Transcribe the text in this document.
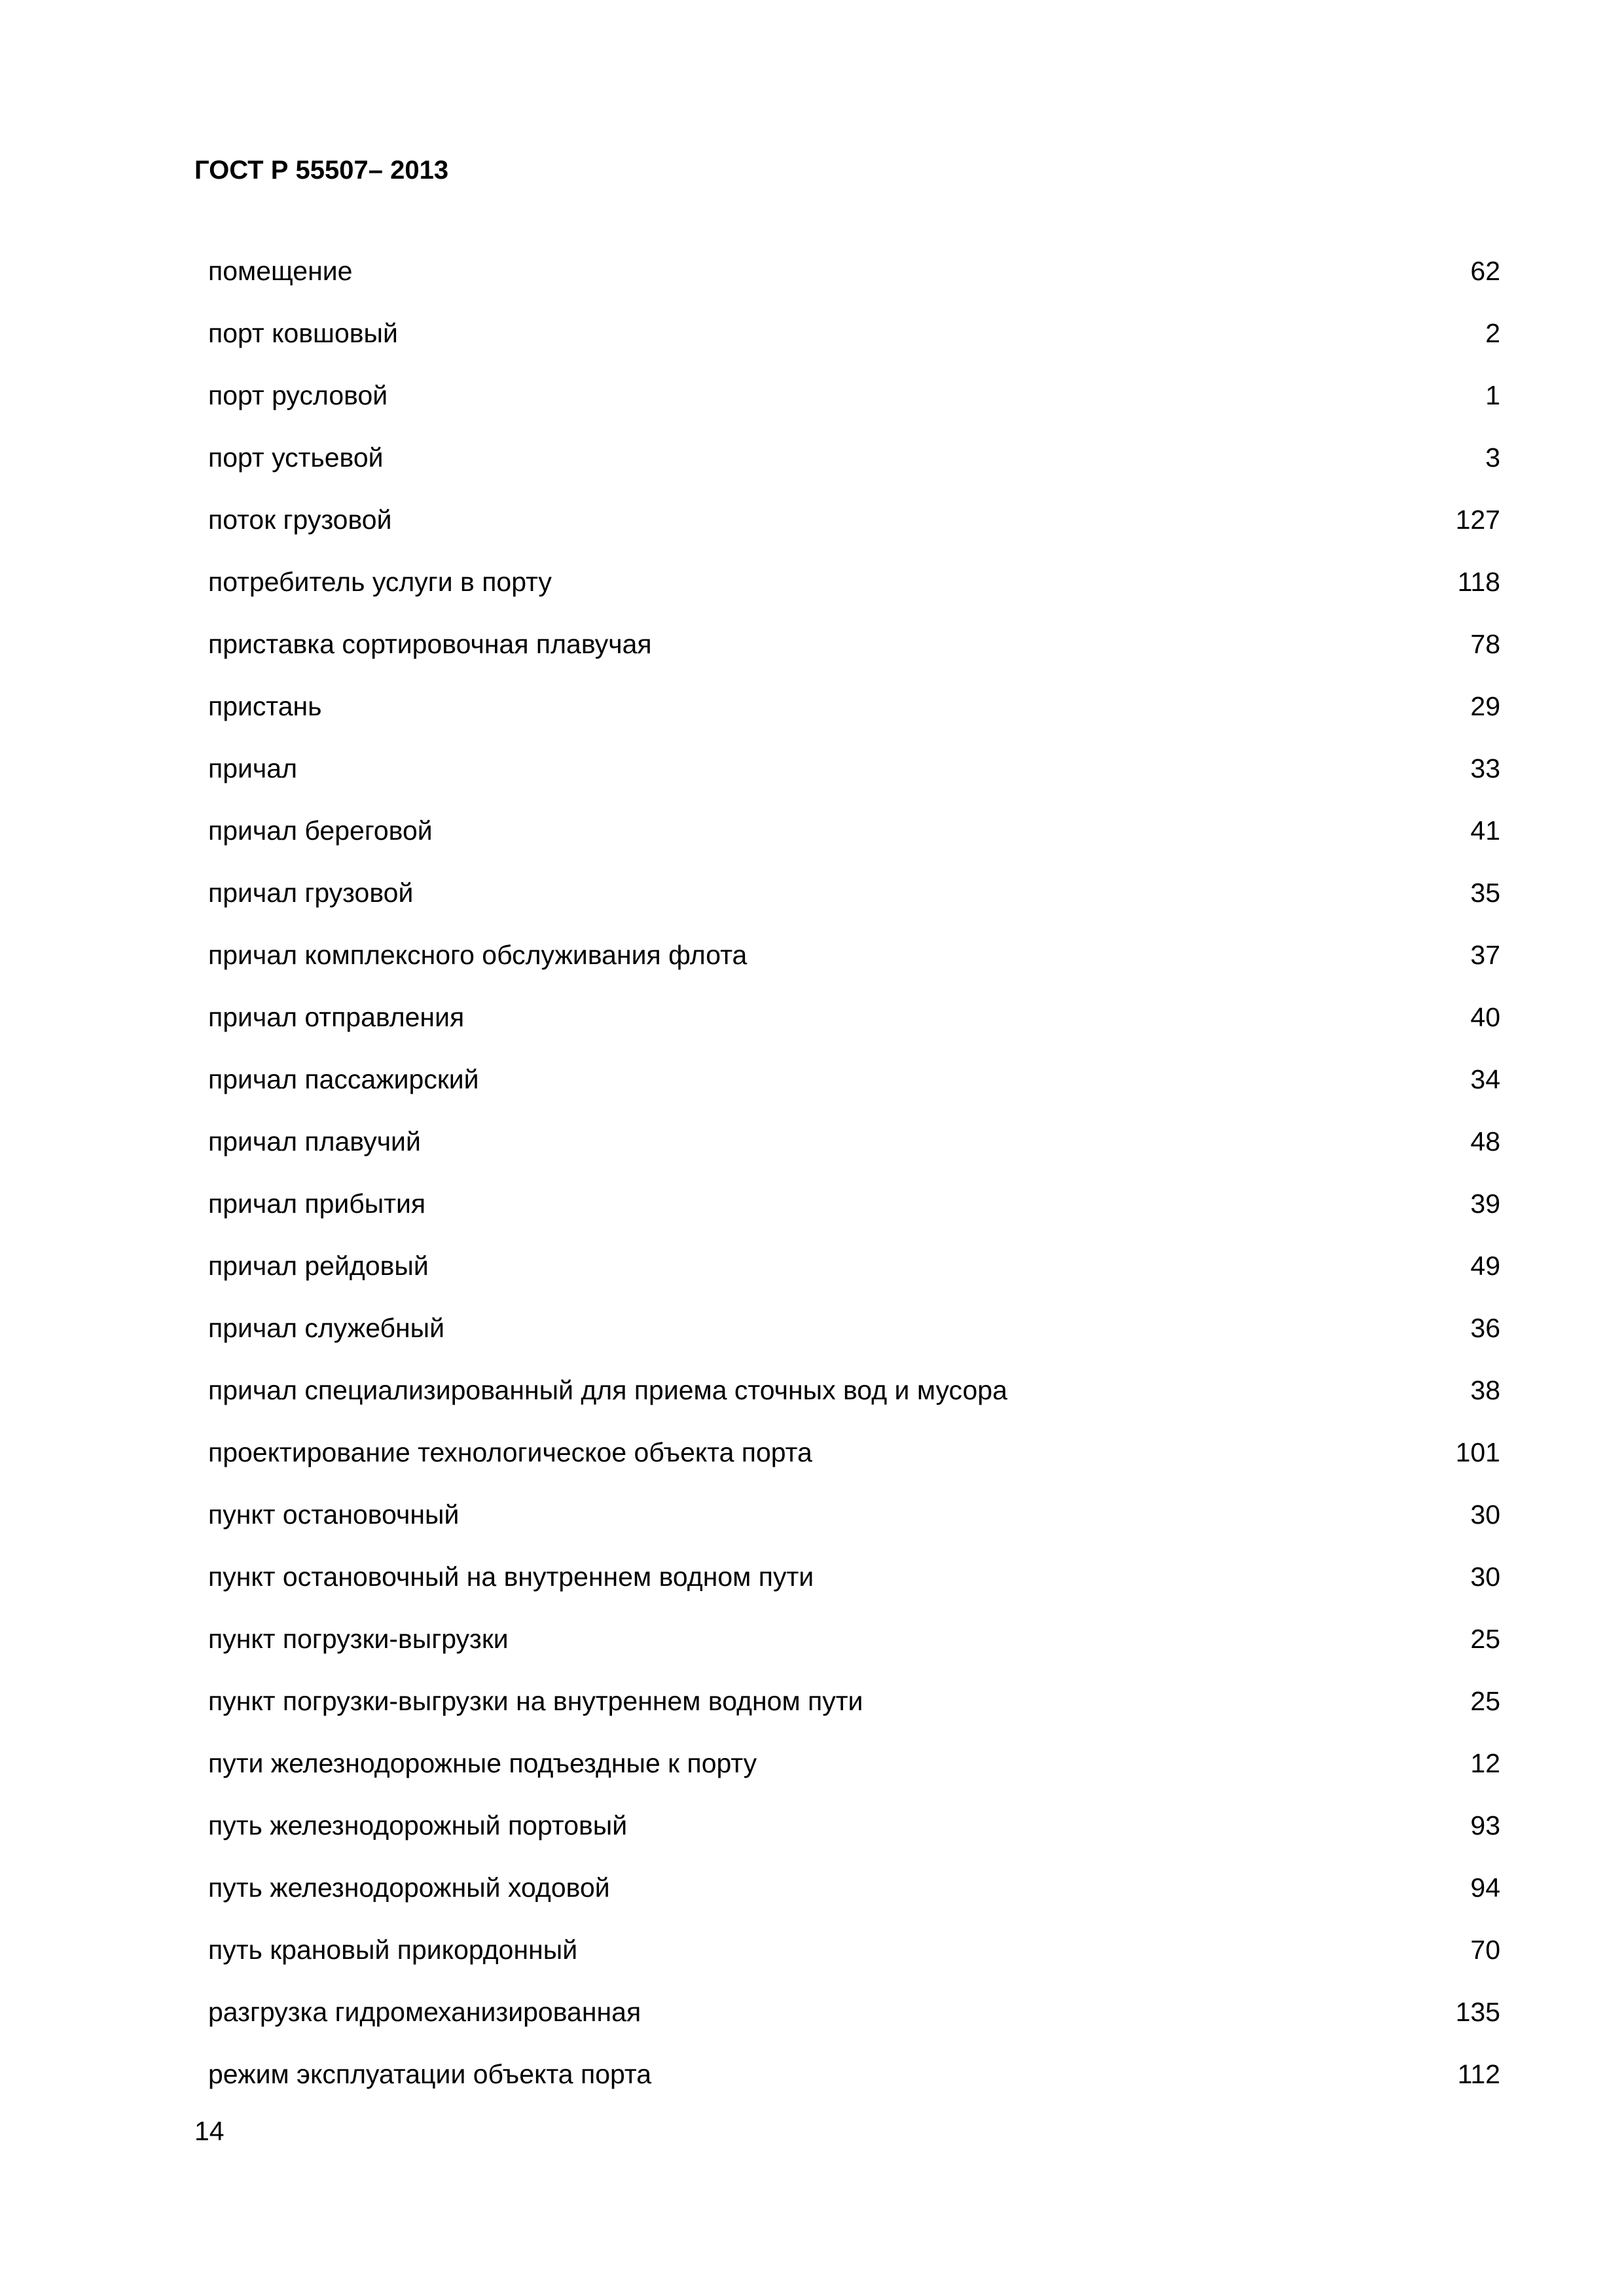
ГОСТ Р 55507– 2013
помещение	62
порт ковшовый	2
порт русловой	1
порт устьевой	3
поток грузовой	127
потребитель услуги в порту	118
приставка сортировочная плавучая	78
пристань	29
причал	33
причал береговой	41
причал грузовой	35
причал комплексного обслуживания флота	37
причал отправления	40
причал пассажирский	34
причал плавучий	48
причал прибытия	39
причал рейдовый	49
причал служебный	36
причал специализированный для приема сточных вод и мусора	38
проектирование технологическое объекта порта	101
пункт остановочный	30
пункт остановочный на внутреннем водном пути	30
пункт погрузки-выгрузки	25
пункт погрузки-выгрузки на внутреннем водном пути	25
пути железнодорожные подъездные к порту	12
путь железнодорожный портовый	93
путь железнодорожный ходовой	94
путь крановый прикордонный	70
разгрузка гидромеханизированная	135
режим эксплуатации объекта порта	112
14
